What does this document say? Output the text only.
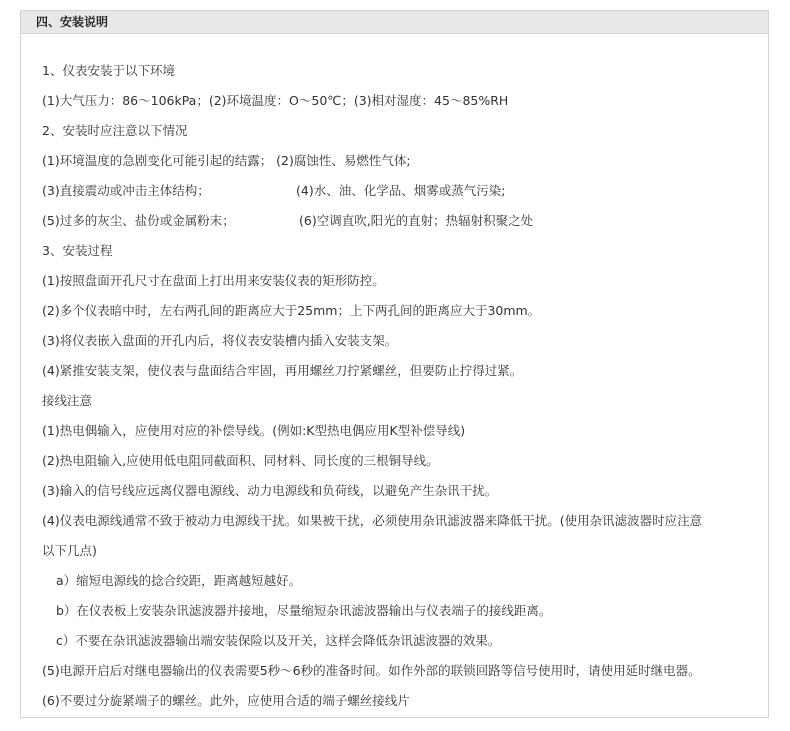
四、安装说明
1、仪表安装于以下环境
(1)大气压力：86～106kPa；(2)环境温度：O～50℃；(3)相对湿度：45～85%RH
2、安装时应注意以下情况
(1)环境温度的急剧变化可能引起的结露； (2)腐蚀性、易燃性气体;
(3)直接震动或冲击主体结构；	(4)水、油、化学品、烟雾或蒸气污染;
(5)过多的灰尘、盐份或金属粉末；	(6)空调直吹,阳光的直射；热辐射积聚之处
3、安装过程
(1)按照盘面开孔尺寸在盘面上打出用来安装仪表的矩形防控。
(2)多个仪表暗中时，左右两孔间的距离应大于25mm；上下两孔间的距离应大于30mm。
(3)将仪表嵌入盘面的开孔内后，将仪表安装槽内插入安装支架。
(4)紧推安装支架，使仪表与盘面结合牢固，再用螺丝刀拧紧螺丝，但要防止拧得过紧。
接线注意
(1)热电偶输入，应使用对应的补偿导线。(例如:K型热电偶应用K型补偿导线)
(2)热电阻输入,应使用低电阻同截面积、同材料、同长度的三根铜导线。
(3)输入的信号线应远离仪器电源线、动力电源线和负荷线，以避免产生杂讯干扰。
(4)仪表电源线通常不致于被动力电源线干扰。如果被干扰，必须使用杂讯滤波器来降低干扰。(使用杂讯滤波器时应注意
以下几点)
a）缩短电源线的捻合绞距，距离越短越好。
b）在仪表板上安装杂讯滤波器并接地，尽量缩短杂讯滤波器输出与仪表端子的接线距离。
c）不要在杂讯滤波器输出端安装保险以及开关，这样会降低杂讯滤波器的效果。
(5)电源开启后对继电器输出的仪表需要5秒～6秒的准备时间。如作外部的联锁回路等信号使用时，请使用延时继电器。
(6)不要过分旋紧端子的螺丝。此外，应使用合适的端子螺丝接线片
